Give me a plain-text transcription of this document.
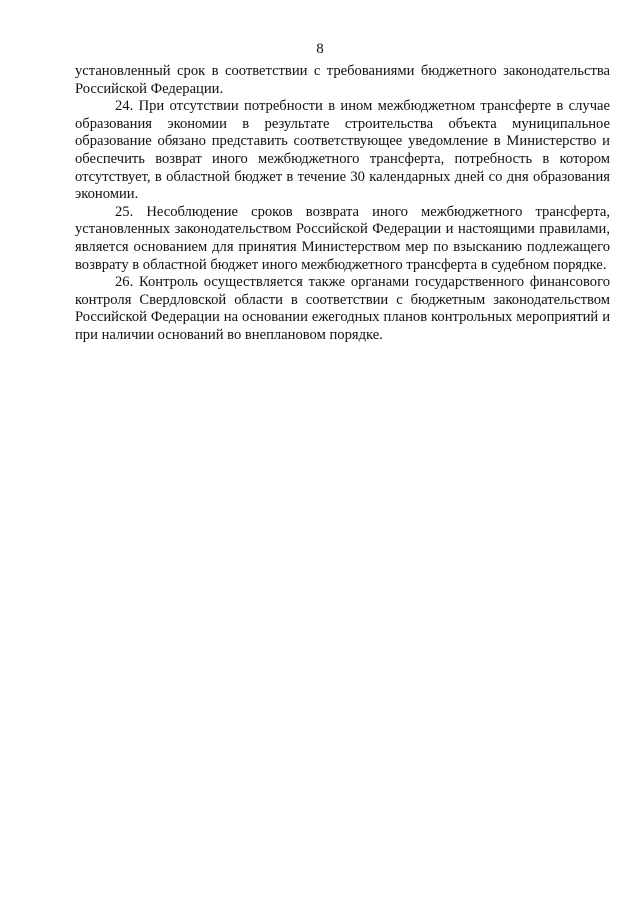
8

установленный срок в соответствии с требованиями бюджетного законодательства Российской Федерации.

24. При отсутствии потребности в ином межбюджетном трансферте в случае образования экономии в результате строительства объекта муниципальное образование обязано представить соответствующее уведомление в Министерство и обеспечить возврат иного межбюджетного трансферта, потребность в котором отсутствует, в областной бюджет в течение 30 календарных дней со дня образования экономии.

25. Несоблюдение сроков возврата иного межбюджетного трансферта, установленных законодательством Российской Федерации и настоящими правилами, является основанием для принятия Министерством мер по взысканию подлежащего возврату в областной бюджет иного межбюджетного трансферта в судебном порядке.

26. Контроль осуществляется также органами государственного финансового контроля Свердловской области в соответствии с бюджетным законодательством Российской Федерации на основании ежегодных планов контрольных мероприятий и при наличии оснований во внеплановом порядке.
